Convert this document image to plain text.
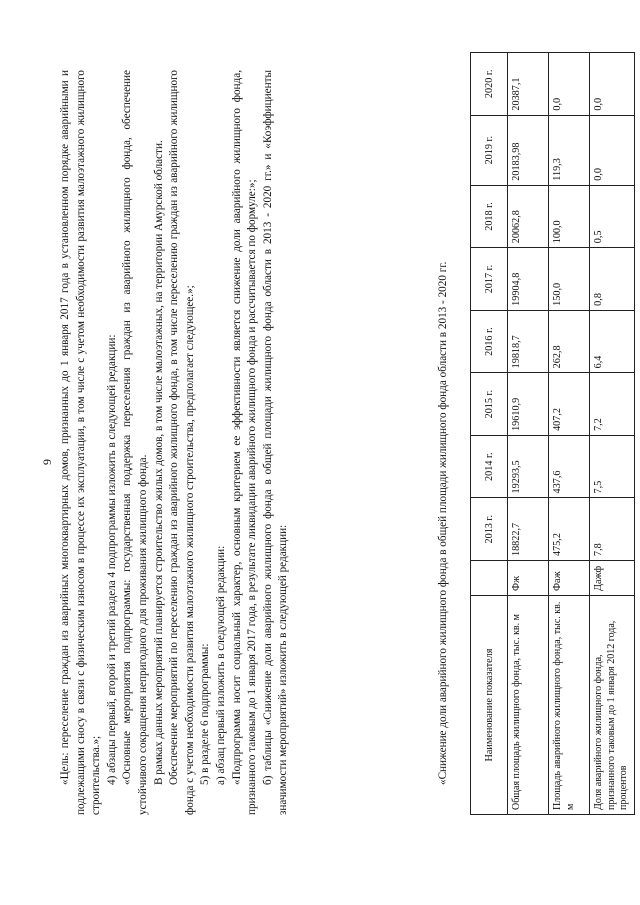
9 «Цель: переселение граждан из аварийных многоквартирных домов, признанных до 1 января 2017 года в установленном порядке аварийными и подлежащими сносу в связи с физическим износом в процессе их эксплуатации, в том числе с учетом необходимости развития малоэтажного жилищного строительства.»; 4) абзацы первый, второй и третий раздела 4 подпрограммы изложить в следующей редакции: «Основные мероприятия подпрограммы: государственная поддержка переселения граждан из аварийного жилищного фонда, обеспечение устойчивого сокращения непригодного для проживания жилищного фонда. В рамках данных мероприятий планируется строительство жилых домов, в том числе малоэтажных, на территории Амурской области. Обеспечение мероприятий по переселению граждан из аварийного жилищного фонда, в том числе переселению граждан из аварийного жилищного фонда с учетом необходимости развития малоэтажного жилищного строительства, предполагает следующее.»; 5) в разделе 6 подпрограммы: а) абзац первый изложить в следующей редакции: «Подпрограмма носит социальный характер, основным критерием ее эффективности является снижение доли аварийного жилищного фонда, признанного таковым до 1 января 2017 года, в результате ликвидации аварийного жилищного фонда и рассчитывается по формуле:»; б) таблицы «Снижение доли аварийного жилищного фонда в общей площади жилищного фонда области в 2013 - 2020 гг.» и «Коэффициенты значимости мероприятий» изложить в следующей редакции:	«Снижение доли аварийного жилищного фонда в общей площади жилищного фонда области в 2013 - 2020 гг.	Наименование показателя		2013 г.	2014 г.	2015 г.	2016 г.	2017 г.	2018 г.	2019 г.	2020 г.
Общая площадь жилищного фонда, тыс. кв. м	Фж	18822,7	19293,5	19610,9	19818,7	19904,8	20062,8	20183,98	20387,1
Площадь аварийного жилищного фонда, тыс. кв. м	Фаж	475,2	437,6	407,2	262,8	150,0	100,0	119,3	0,0
Доля аварийного жилищного фонда, признанного таковым до 1 января 2012 года, процентов	Дажф	7,8	7,5	7,2	6,4	0,8	0,5	0,0	0,0
